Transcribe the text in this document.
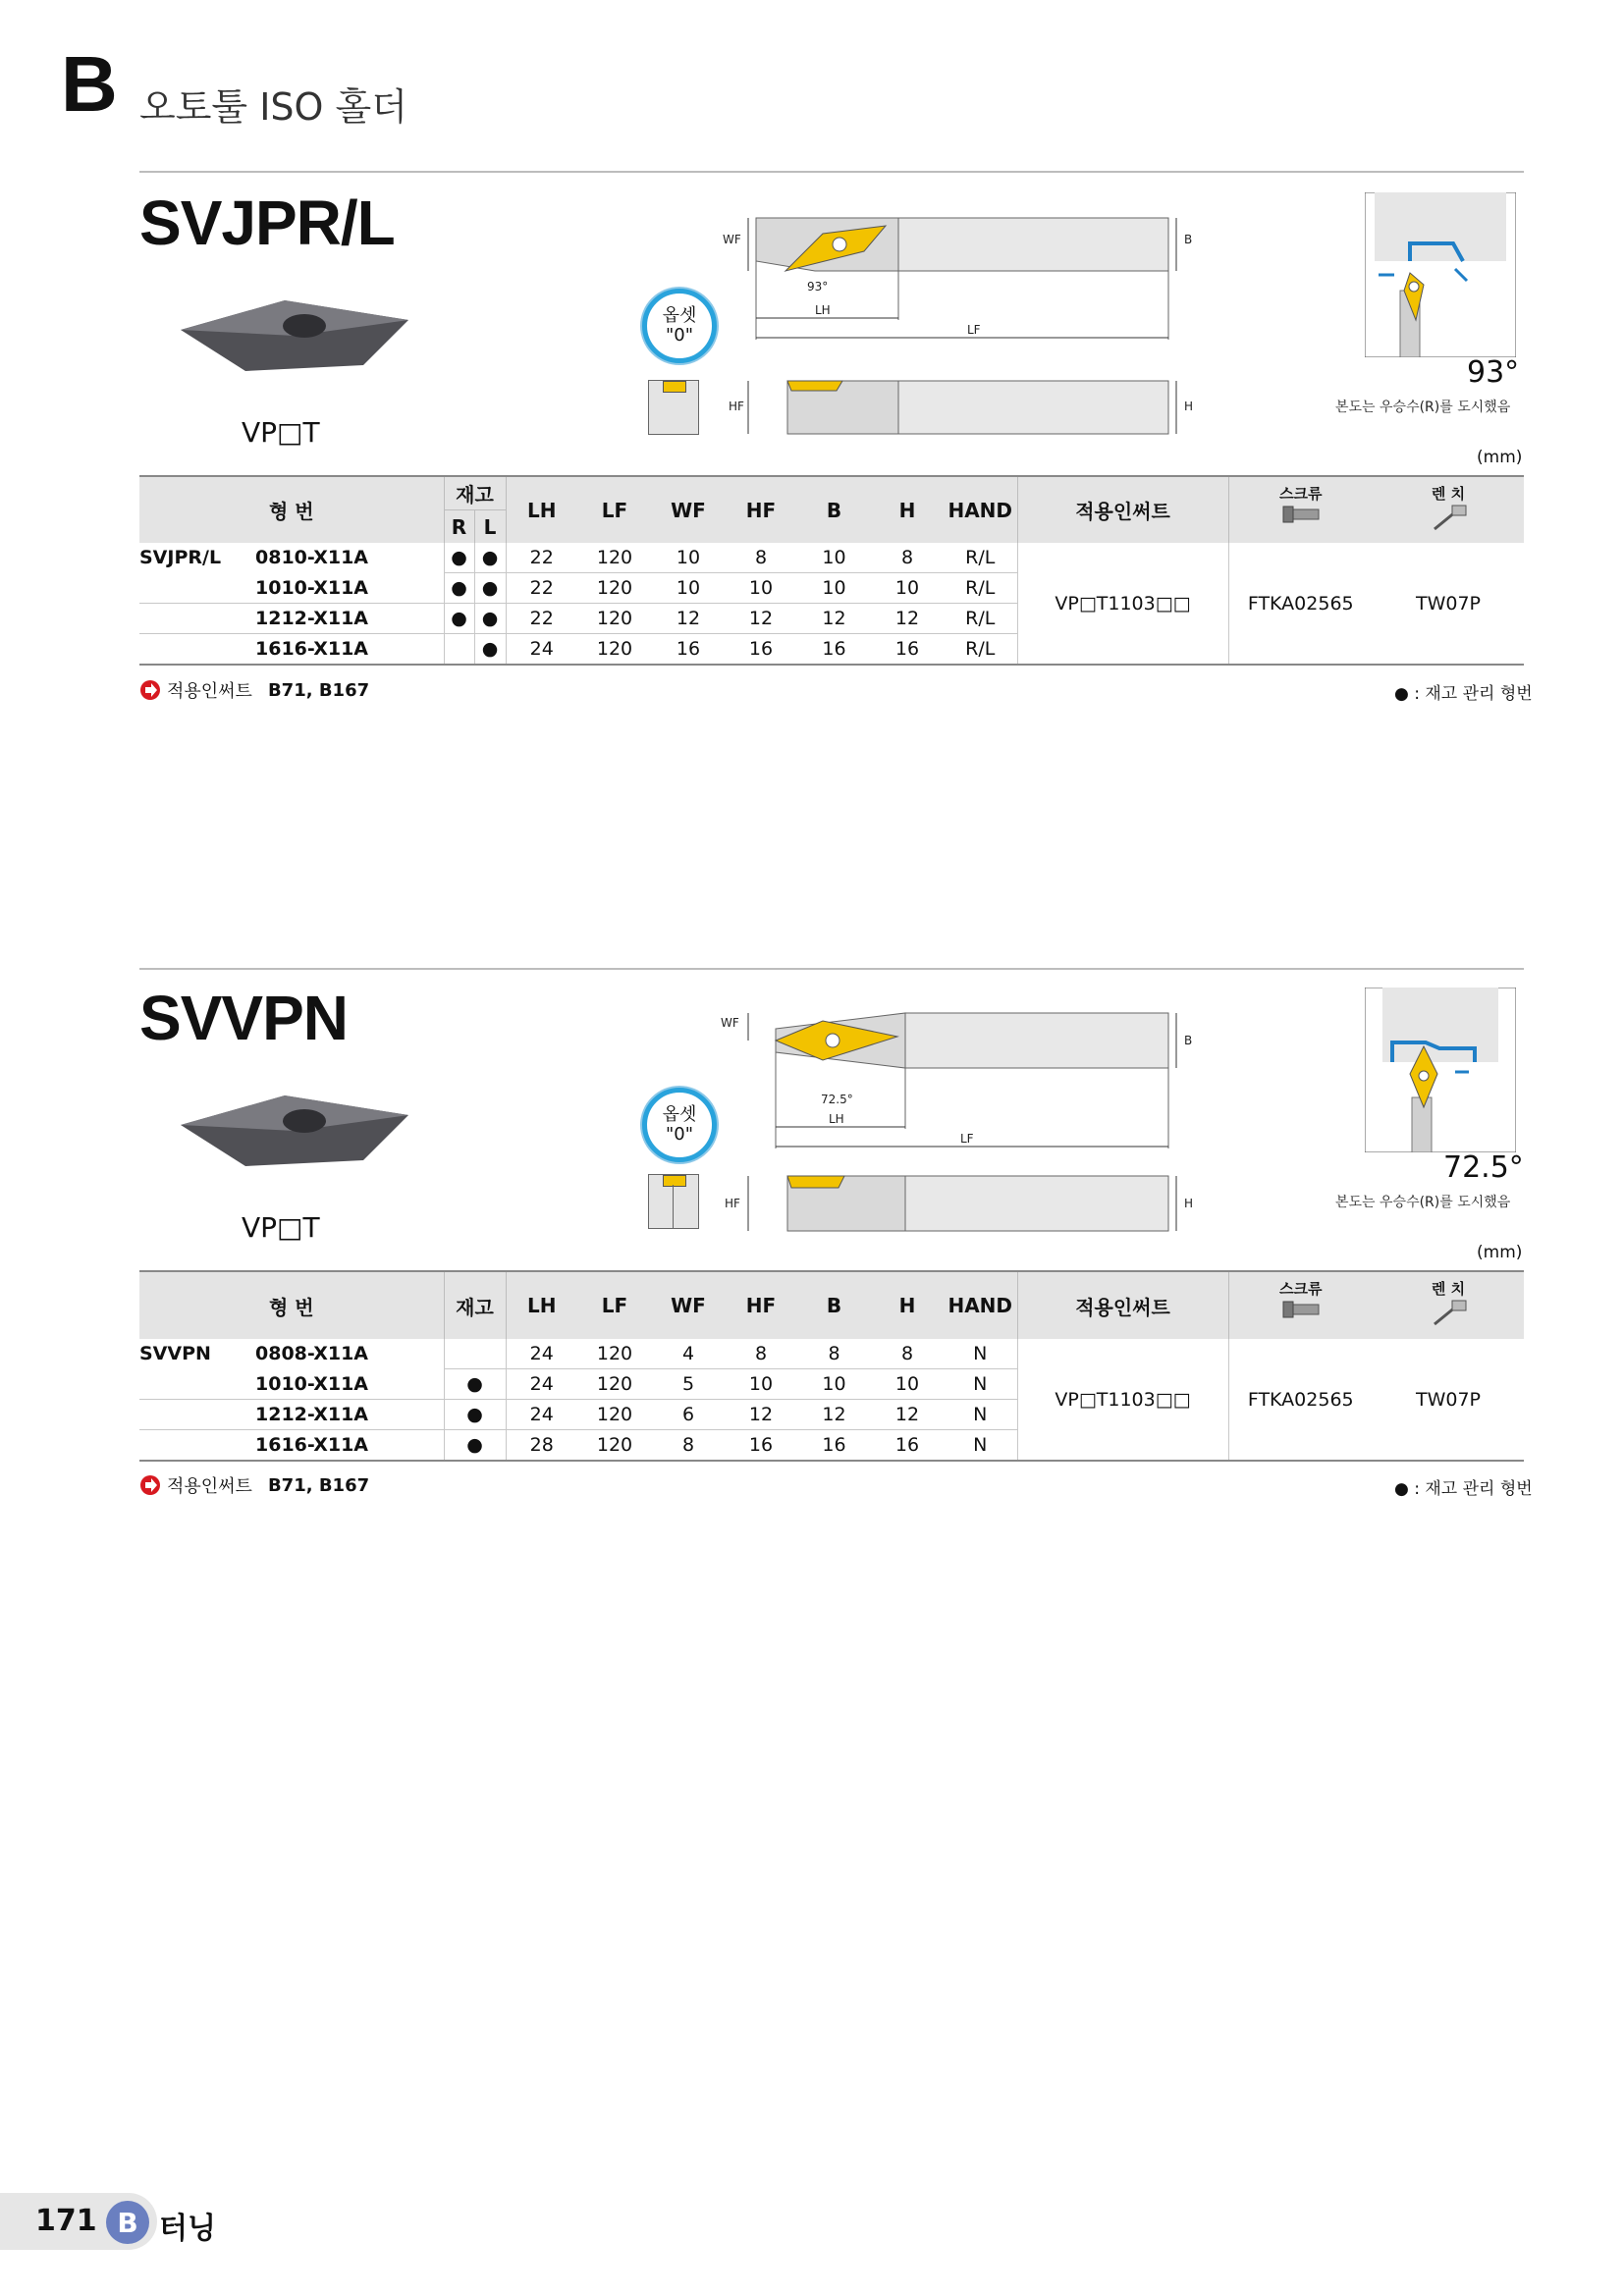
B 오토툴 ISO 홀더
SVJPR/L
VP□T
옵셋
"0"
WF	B
LH
LF
93°
HF	H
93°
본도는 우승수(R)를 도시했음
(mm)
형 번	재고		LH	LF	WF	HF	B	H	HAND	적용인써트	스크류	렌 치

	R	L										
SVJPR/L 0810-X11A	●	●	22	120	10	8	10	8	R/L	VP□T1103□□	FTKA02565	TW07P
1010-X11A	●	●	22	120	10	10	10	10	R/L			
1212-X11A	●	●	22	120	12	12	12	12	R/L			
1616-X11A		●	24	120	16	16	16	16	R/L			
적용인써트 B71, B167	● : 재고 관리 형번
SVVPN
VP□T
옵셋
"0"
WF
B
LH
LF
72.5°
HF	H
72.5°
본도는 우승수(R)를 도시했음
(mm)
형 번	재고	LH	LF	WF	HF	B	H	HAND	적용인써트	스크류	렌 치

SVVPN 0808-X11A		24	120	4	8	8	8	N	VP□T1103□□	FTKA02565	TW07P
1010-X11A	●	24	120	5	10	10	10	N			
1212-X11A	●	24	120	6	12	12	12	N			
1616-X11A	●	28	120	8	16	16	16	N			
적용인써트 B71, B167	● : 재고 관리 형번
171 B 터닝
